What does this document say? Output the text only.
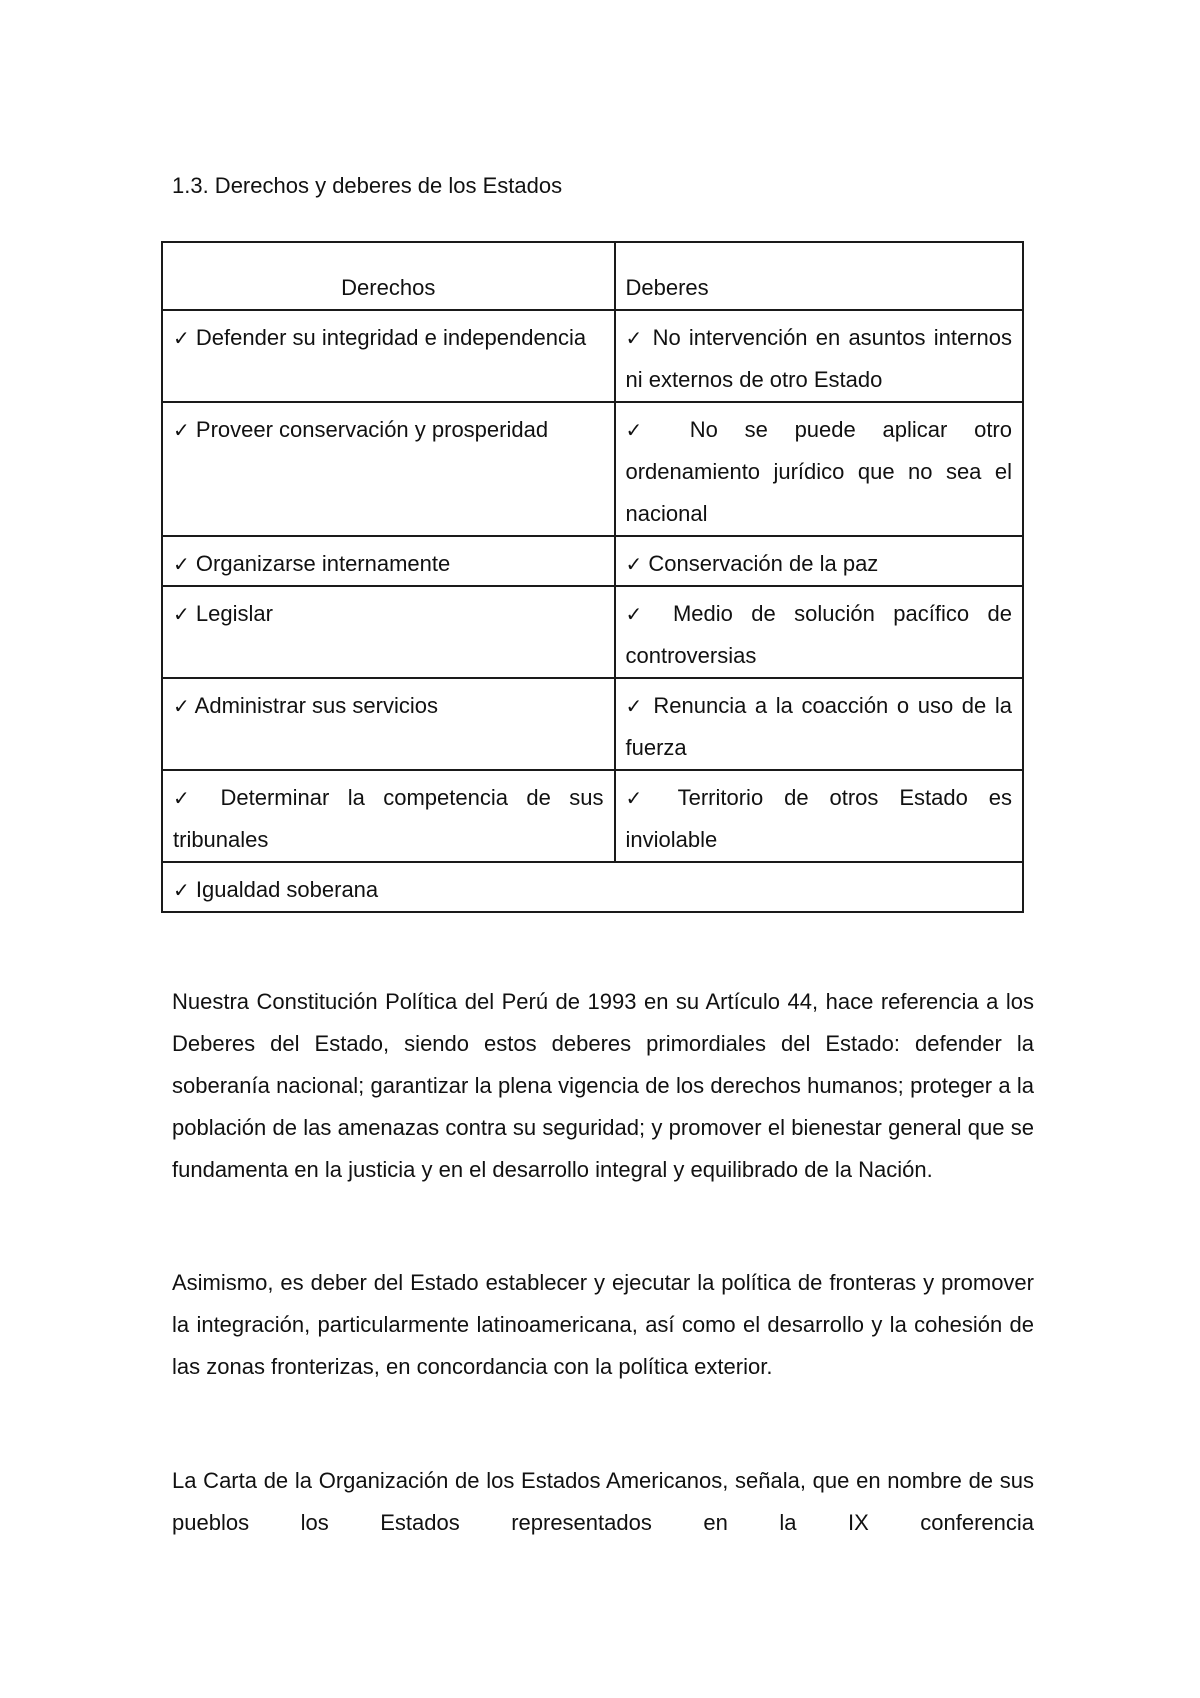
1.3. Derechos y deberes de los Estados
Derechos	Deberes
✓ Defender su integridad e independencia	✓ No intervención en asuntos internos ni externos de otro Estado
✓ Proveer conservación y prosperidad	✓ No se puede aplicar otro ordenamiento jurídico que no sea el nacional
✓ Organizarse internamente	✓ Conservación de la paz
✓ Legislar	✓ Medio de solución pacífico de controversias
✓ Administrar sus servicios	✓ Renuncia a la coacción o uso de la fuerza
✓ Determinar la competencia de sus tribunales	✓ Territorio de otros Estado es inviolable
✓ Igualdad soberana	

Nuestra Constitución Política del Perú de 1993 en su Artículo 44, hace referencia a los Deberes del Estado, siendo estos deberes primordiales del Estado: defender la soberanía nacional; garantizar la plena vigencia de los derechos humanos; proteger a la población de las amenazas contra su seguridad; y promover el bienestar general que se fundamenta en la justicia y en el desarrollo integral y equilibrado de la Nación.

Asimismo, es deber del Estado establecer y ejecutar la política de fronteras y promover la integración, particularmente latinoamericana, así como el desarrollo y la cohesión de las zonas fronterizas, en concordancia con la política exterior.

La Carta de la Organización de los Estados Americanos, señala, que en nombre de sus pueblos los Estados representados en la IX conferencia
